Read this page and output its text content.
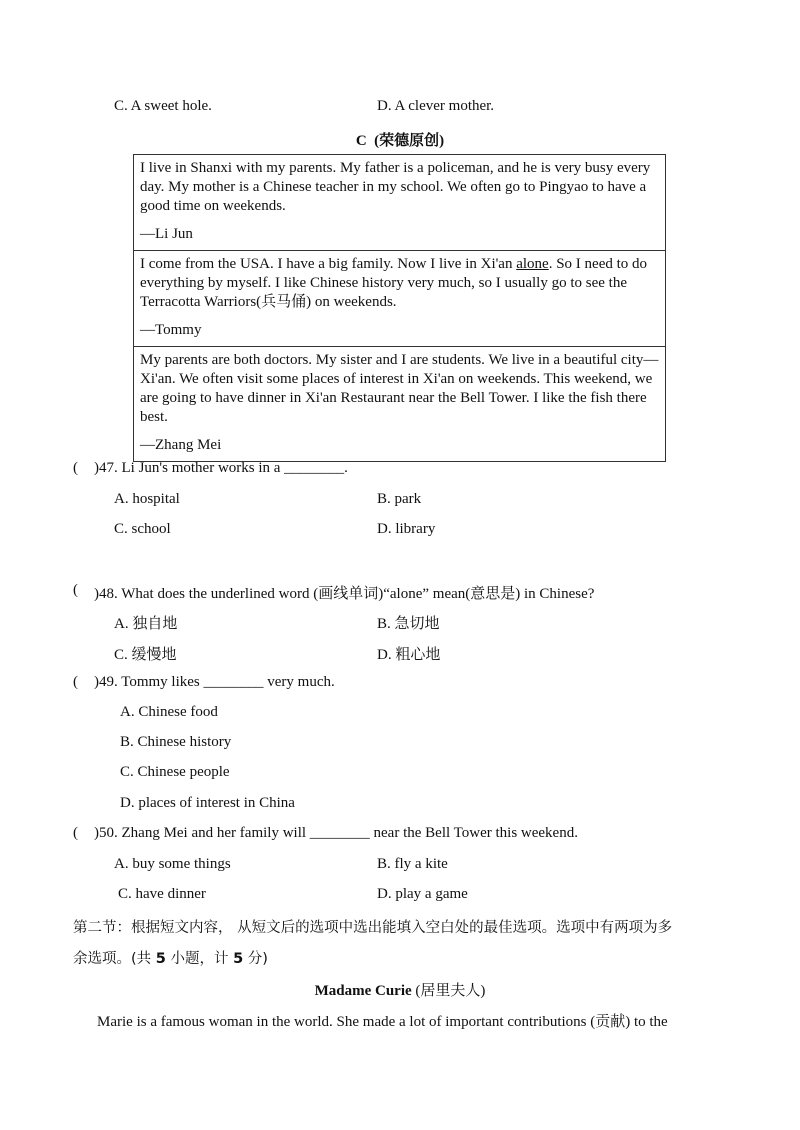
C. A sweet hole.	D. A clever mother.
C (荣德原创)
I live in Shanxi with my parents. My father is a policeman, and he is very busy every day. My mother is a Chinese teacher in my school. We often go to Pingyao to have a good time on weekends.
—Li Jun
I come from the USA. I have a big family. Now I live in Xi'an alone. So I need to do everything by myself. I like Chinese history very much, so I usually go to see the Terracotta Warriors(兵马俑) on weekends.
—Tommy
My parents are both doctors. My sister and I are students. We live in a beautiful city—Xi'an. We often visit some places of interest in Xi'an on weekends. This weekend, we are going to have dinner in Xi'an Restaurant near the Bell Tower. I like the fish there best.
—Zhang Mei
( )47. Li Jun's mother works in a ________.
A. hospital	B. park
C. school	D. library
( )48. What does the underlined word (画线单词)“alone” mean(意思是) in Chinese?
A. 独自地	B. 急切地
C. 缓慢地	D. 粗心地
( )49. Tommy likes ________ very much.
A. Chinese food
B. Chinese history
C. Chinese people
D. places of interest in China
( )50. Zhang Mei and her family will ________ near the Bell Tower this weekend.
A. buy some things	B. fly a kite
C. have dinner	D. play a game
第二节：根据短文内容， 从短文后的选项中选出能填入空白处的最佳选项。选项中有两项为多
余选项。(共 5 小题，计 5 分)
Madame Curie (居里夫人)
Marie is a famous woman in the world. She made a lot of important contributions (贡献) to the
